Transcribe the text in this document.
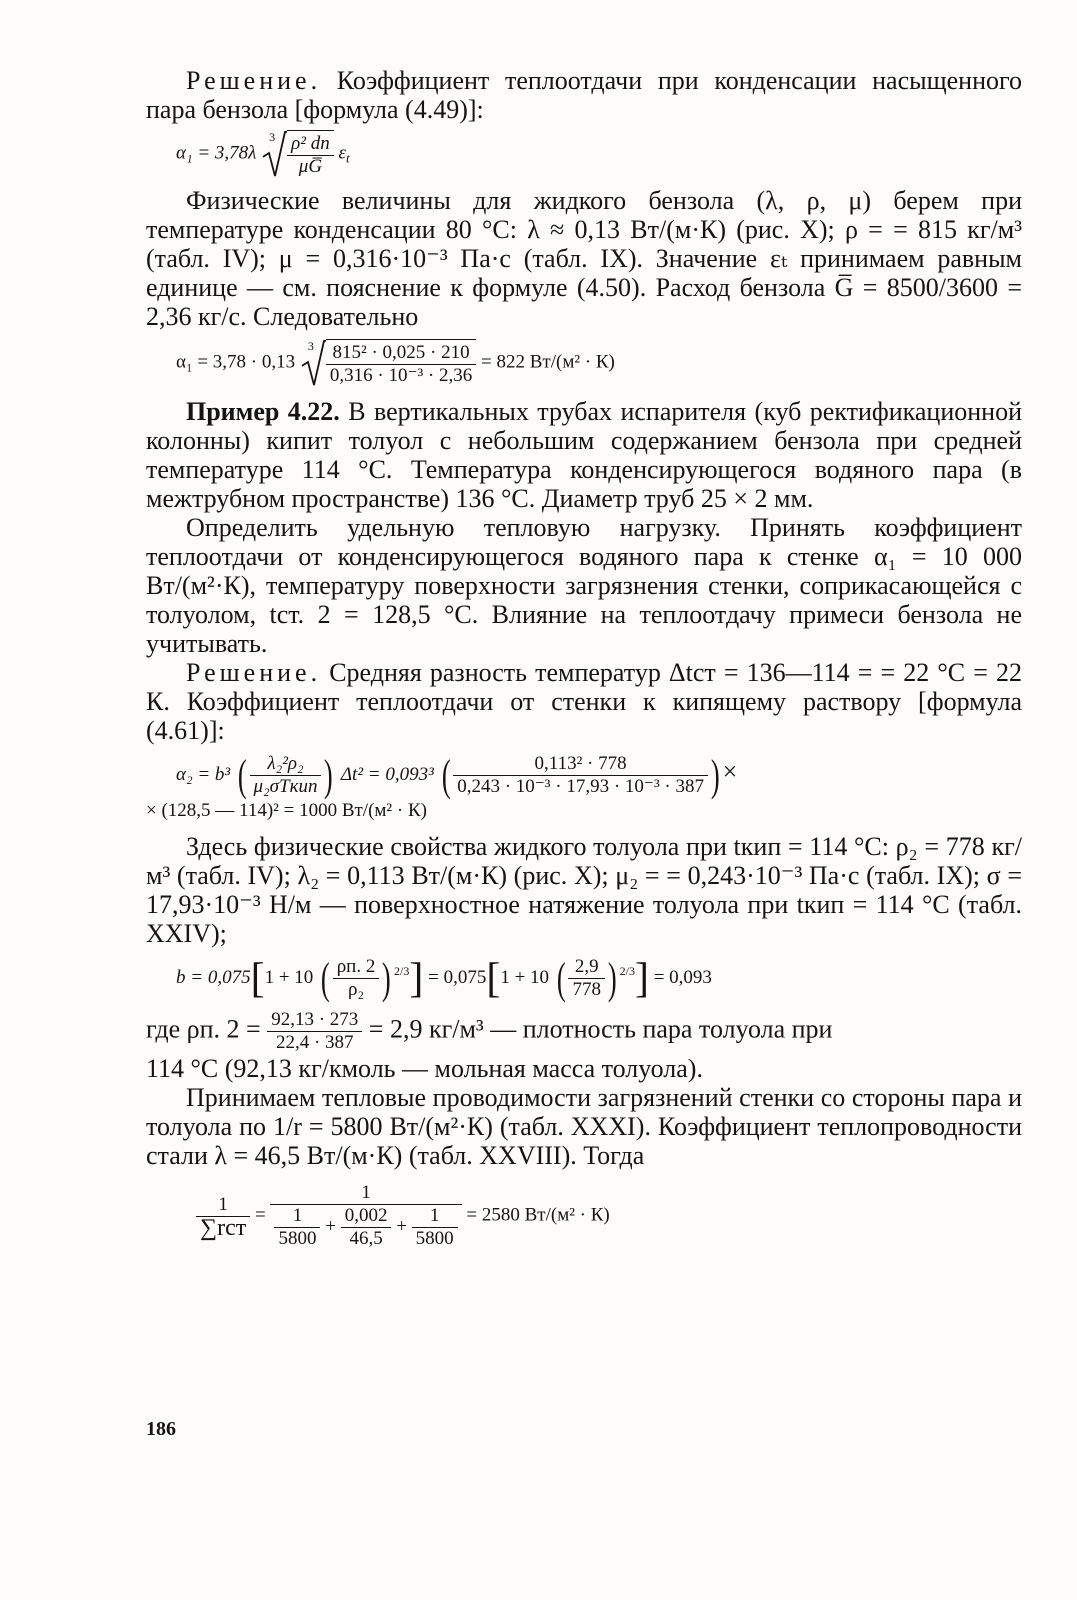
Решение. Коэффициент теплоотдачи при конденсации насыщенного пара бензола [формула (4.49)]:

α₁ = 3,78λ
$3 \frac{\text{ρ² dn}}{\mu G̅} \varepsilon_t$

Физические величины для жидкого бензола (λ, ρ, μ) берем при температуре конденсации 80 °С: λ ≈ 0,13 Вт/(м·К) (рис. X); ρ = = 815 кг/м³ (табл. IV); μ = 0,316·10⁻³ Па·с (табл. IX). Значение εₜ принимаем равным единице — см. пояснение к формуле (4.50). Расход бензола G̅ = 8500/3600 = 2,36 кг/с. Следовательно

α₁ = 3,78 · 0,13
$3 \frac{\text{815² · 0,025 · 210}}{\text{0,316 · 10⁻³ · 2,36}} = 822$ Вт/(м² · К)

Пример 4.22. В вертикальных трубах испарителя (куб ректификационной колонны) кипит толуол с небольшим содержанием бензола при средней температуре 114 °С. Температура конденсирующегося водяного пара (в межтрубном пространстве) 136 °С. Диаметр труб 25 × 2 мм.

Определить удельную тепловую нагрузку. Принять коэффициент теплоотдачи от конденсирующегося водяного пара к стенке α₁ = 10 000 Вт/(м²·К), температуру поверхности загрязнения стенки, соприкасающейся с толуолом, tст. 2 = 128,5 °С. Влияние на теплоотдачу примеси бензола не учитывать.

Решение. Средняя разность температур Δtст = 136—114 = = 22 °С = 22 К. Коэффициент теплоотдачи от стенки к кипящему раствору [формула (4.61)]:

α₂ = b³ ( $\frac{\text{λ₂²ρ₂}}{\text{μ₂σTкип}}$ ) Δt² = 0,093³ ( $\frac{\text{0,113² · 778}}{\text{0,243 · 10⁻³ · 17,93 · 10⁻³ · 387}}$ ) ×
× (128,5 — 114)² = 1000 Вт/(м² · К)

Здесь физические свойства жидкого толуола при tкип = 114 °С: ρ₂ = 778 кг/м³ (табл. IV); λ₂ = 0,113 Вт/(м·К) (рис. X); μ₂ = = 0,243·10⁻³ Па·с (табл. IX); σ = 17,93·10⁻³ Н/м — поверхностное натяжение толуола при tкип = 114 °С (табл. XXIV);

b = 0,075[1 + 10 ( $\frac{\rho п. 2}{\text{ρ₂}}$ ) $^{2/3}$] = 0,075[1 + 10 ( $\frac{2,9}{778}$ ) $^{2/3}$] = 0,093
где ρп. $2 = \frac{92,13 \cdot 273}{22,4 \cdot 387} = 2,9$ кг/м³ — плотность пара толуола при

114 °С (92,13 кг/кмоль — мольная масса толуола).

Принимаем тепловые проводимости загрязнений стенки со стороны пара и толуола по 1/r = 5800 Вт/(м²·К) (табл. XXXI). Коэффициент теплопроводности стали λ = 46,5 Вт/(м·К) (табл. XXVIII). Тогда

$\frac{1}{\text{∑rст}} = \frac{1}{\frac{1}{5800} + \frac{0,002}{46,5} + \frac{1}{5800}} = 2580$ Вт/(м² · К)
186
